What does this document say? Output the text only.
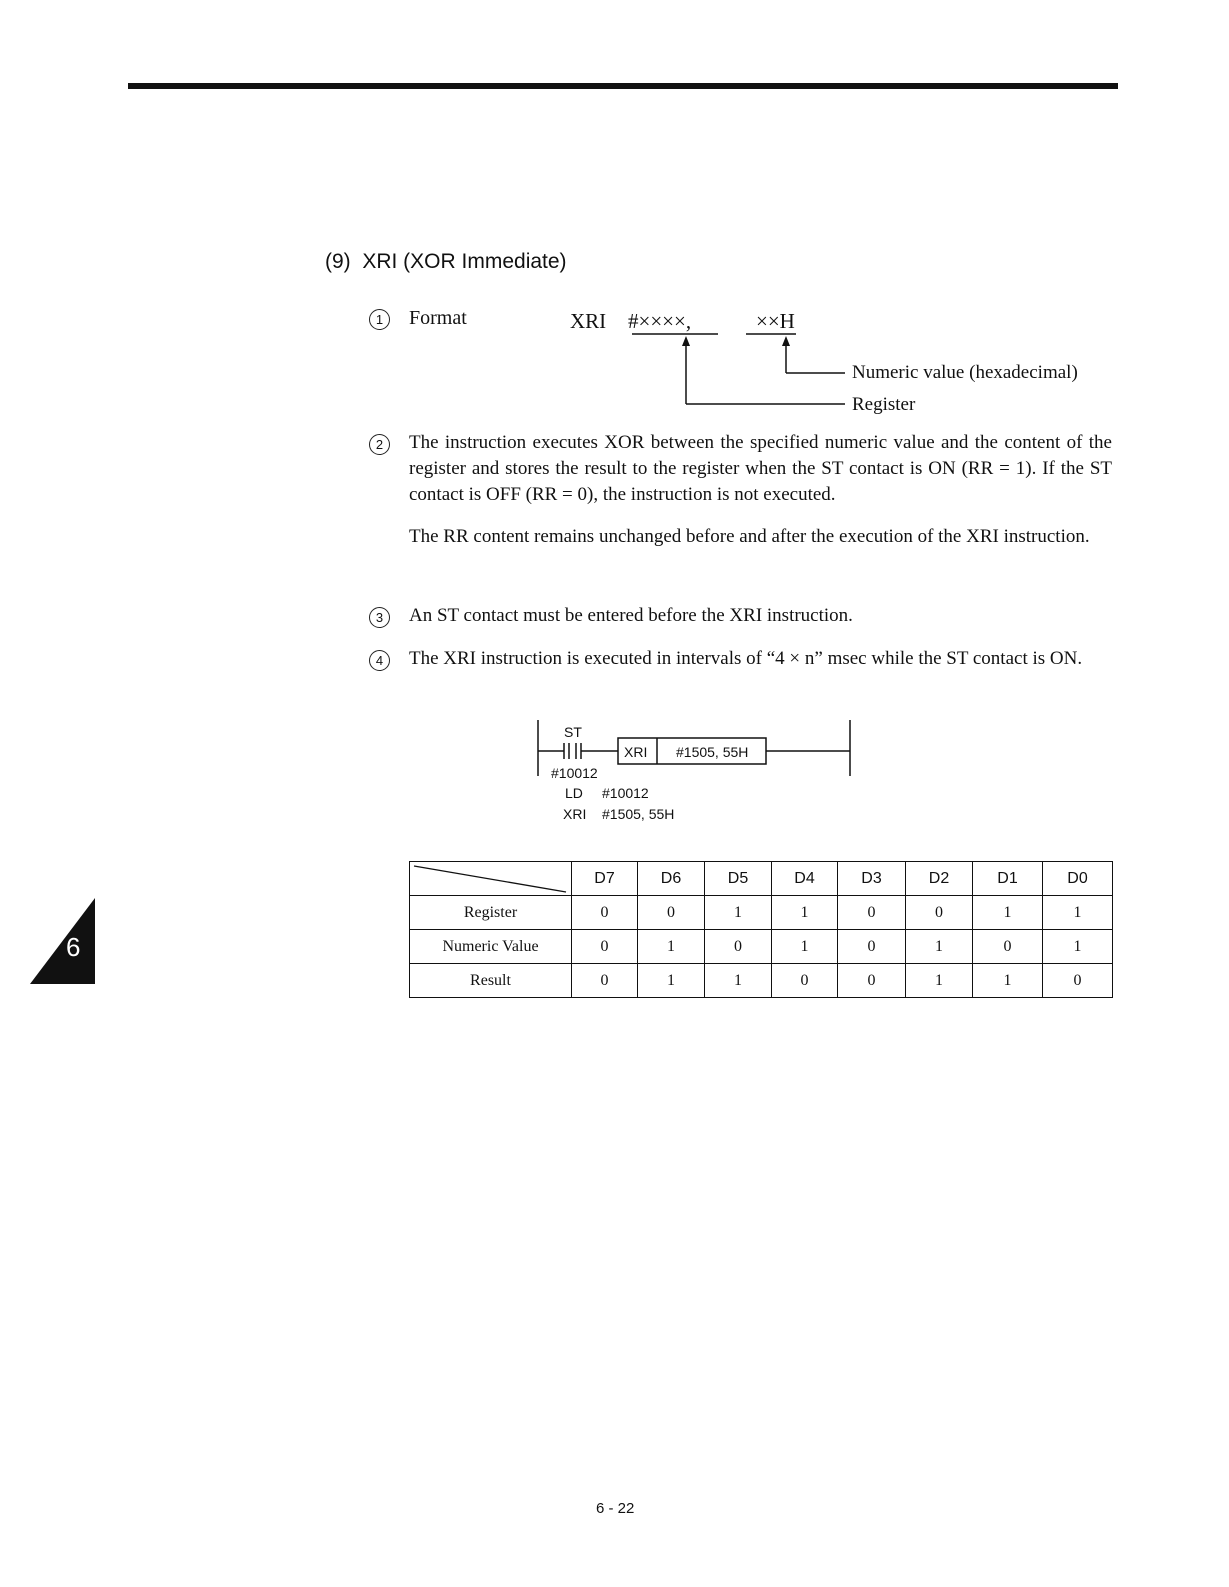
(9) XRI (XOR Immediate)
1	Format	XRI #××××,	××H
Numeric value (hexadecimal)
Register
2	The instruction executes XOR between the specified numeric value and the content of the register and stores the result to the register when the ST contact is ON (RR = 1). If the ST contact is OFF (RR = 0), the instruction is not executed.
The RR content remains unchanged before and after the execution of the XRI instruction.
3	An ST contact must be entered before the XRI instruction.
4	The XRI instruction is executed in intervals of “4 × n” msec while the ST contact is ON.
ST
#10012
XRI #1505, 55H
LD #10012
XRI #1505, 55H
	D7	D6	D5	D4	D3	D2	D1	D0
Register	0	0	1	1	0	0	1	1
Numeric Value	0	1	0	1	0	1	0	1
Result	0	1	1	0	0	1	1	0
6
6 - 22
